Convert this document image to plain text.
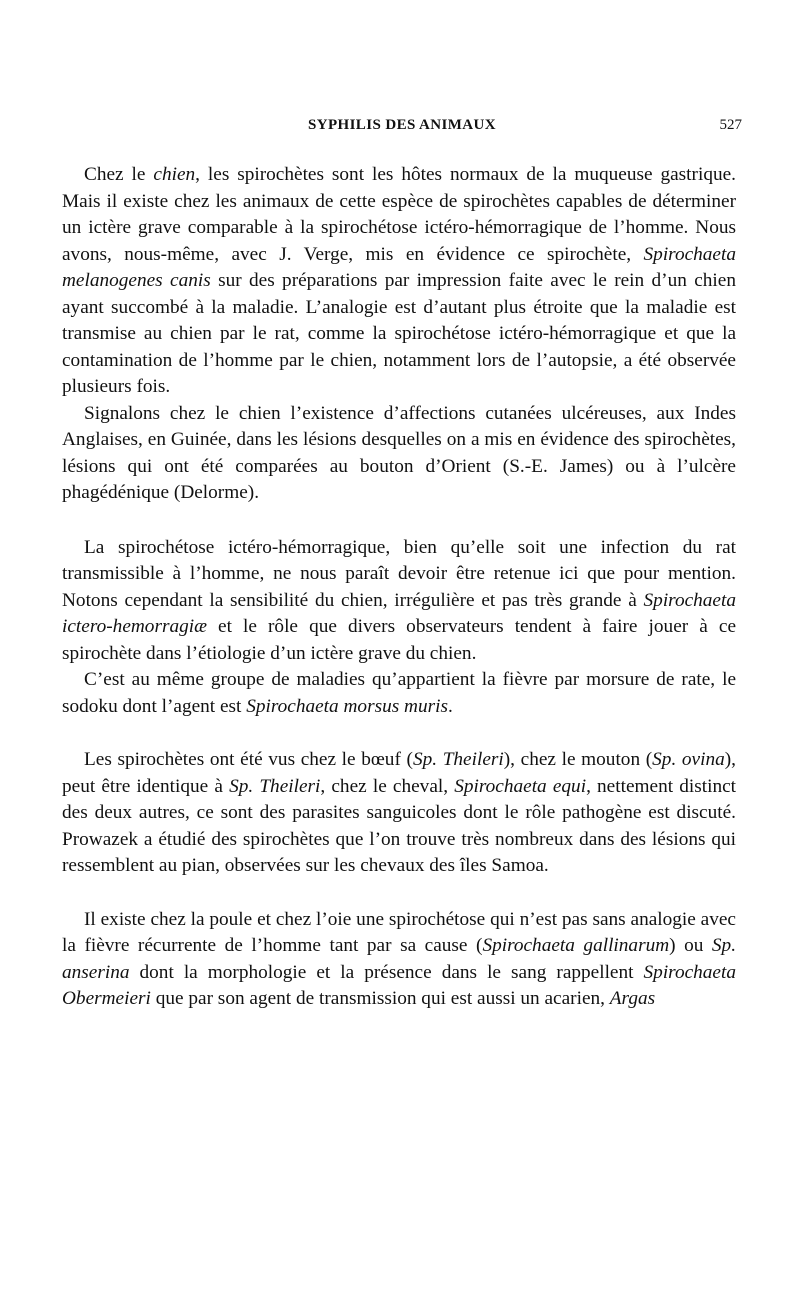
SYPHILIS DES ANIMAUX	527

Chez le chien, les spirochètes sont les hôtes normaux de la muqueuse gastrique. Mais il existe chez les animaux de cette espèce de spirochètes capables de déterminer un ictère grave comparable à la spirochétose ictéro-hémorragique de l’homme. Nous avons, nous-même, avec J. Verge, mis en évidence ce spirochète, Spirochaeta melanogenes canis sur des préparations par impression faite avec le rein d’un chien ayant succombé à la maladie. L’analogie est d’autant plus étroite que la maladie est transmise au chien par le rat, comme la spirochétose ictéro-hémorragique et que la contamination de l’homme par le chien, notamment lors de l’autopsie, a été observée plusieurs fois.

Signalons chez le chien l’existence d’affections cutanées ulcéreuses, aux Indes Anglaises, en Guinée, dans les lésions desquelles on a mis en évidence des spirochètes, lésions qui ont été comparées au bouton d’Orient (S.-E. James) ou à l’ulcère phagédénique (Delorme).

La spirochétose ictéro-hémorragique, bien qu’elle soit une infection du rat transmissible à l’homme, ne nous paraît devoir être retenue ici que pour mention. Notons cependant la sensibilité du chien, irrégulière et pas très grande à Spirochaeta ictero-hemorragiæ et le rôle que divers observateurs tendent à faire jouer à ce spirochète dans l’étiologie d’un ictère grave du chien.

C’est au même groupe de maladies qu’appartient la fièvre par morsure de rate, le sodoku dont l’agent est Spirochaeta morsus muris.

Les spirochètes ont été vus chez le bœuf (Sp. Theileri), chez le mouton (Sp. ovina), peut être identique à Sp. Theileri, chez le cheval, Spirochaeta equi, nettement distinct des deux autres, ce sont des parasites sanguicoles dont le rôle pathogène est discuté. Prowazek a étudié des spirochètes que l’on trouve très nombreux dans des lésions qui ressemblent au pian, observées sur les chevaux des îles Samoa.

Il existe chez la poule et chez l’oie une spirochétose qui n’est pas sans analogie avec la fièvre récurrente de l’homme tant par sa cause (Spirochaeta gallinarum) ou Sp. anserina dont la morphologie et la présence dans le sang rappellent Spirochaeta Obermeieri que par son agent de transmission qui est aussi un acarien, Argas
